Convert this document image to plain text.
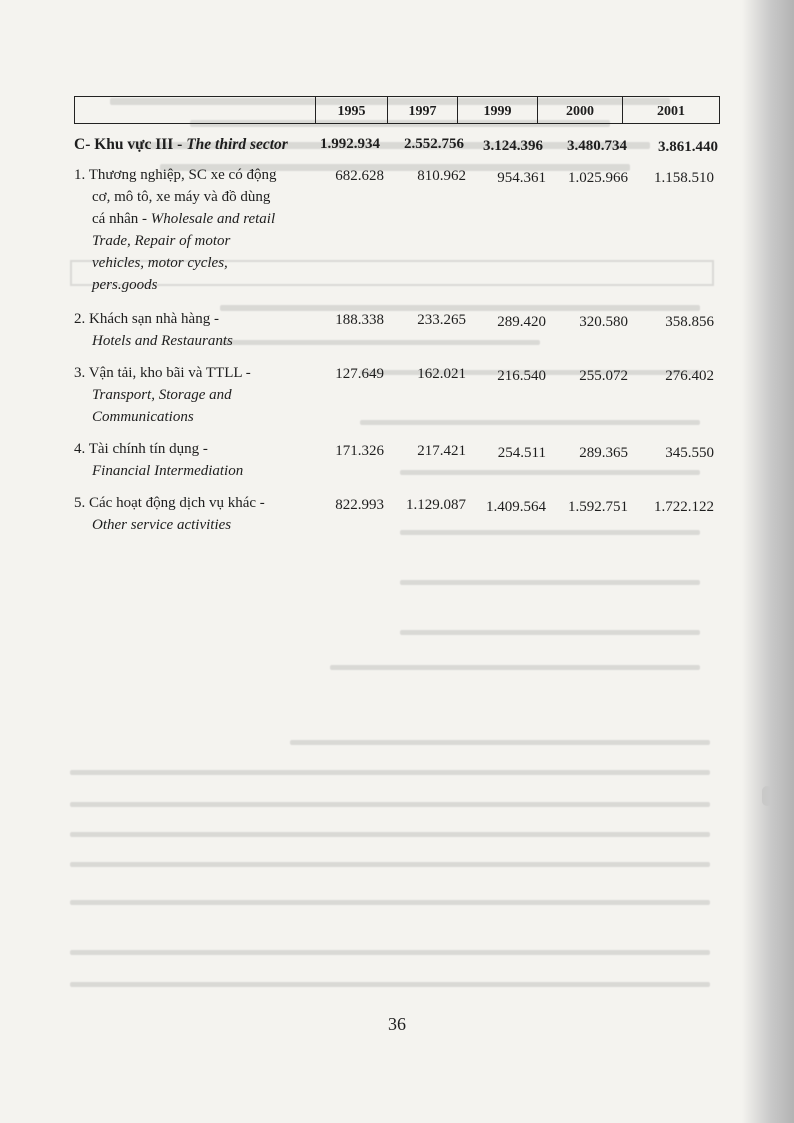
1995	1997	1999	2000	2001
C- Khu vực III - The third sector	1.992.934	2.552.756	3.124.396	3.480.734	3.861.440
1. Thương nghiệp, SC xe có động
cơ, mô tô, xe máy và đồ dùng
cá nhân - Wholesale and retail
Trade, Repair of motor
vehicles, motor cycles,
pers.goods
682.628	810.962	954.361	1.025.966	1.158.510
2. Khách sạn nhà hàng -
Hotels and Restaurants
188.338	233.265	289.420	320.580	358.856
3. Vận tải, kho bãi và TTLL -
Transport, Storage and
Communications
127.649	162.021	216.540	255.072	276.402
4. Tài chính tín dụng -
Financial Intermediation
171.326	217.421	254.511	289.365	345.550
5. Các hoạt động dịch vụ khác -
Other service activities
822.993	1.129.087	1.409.564	1.592.751	1.722.122
36
